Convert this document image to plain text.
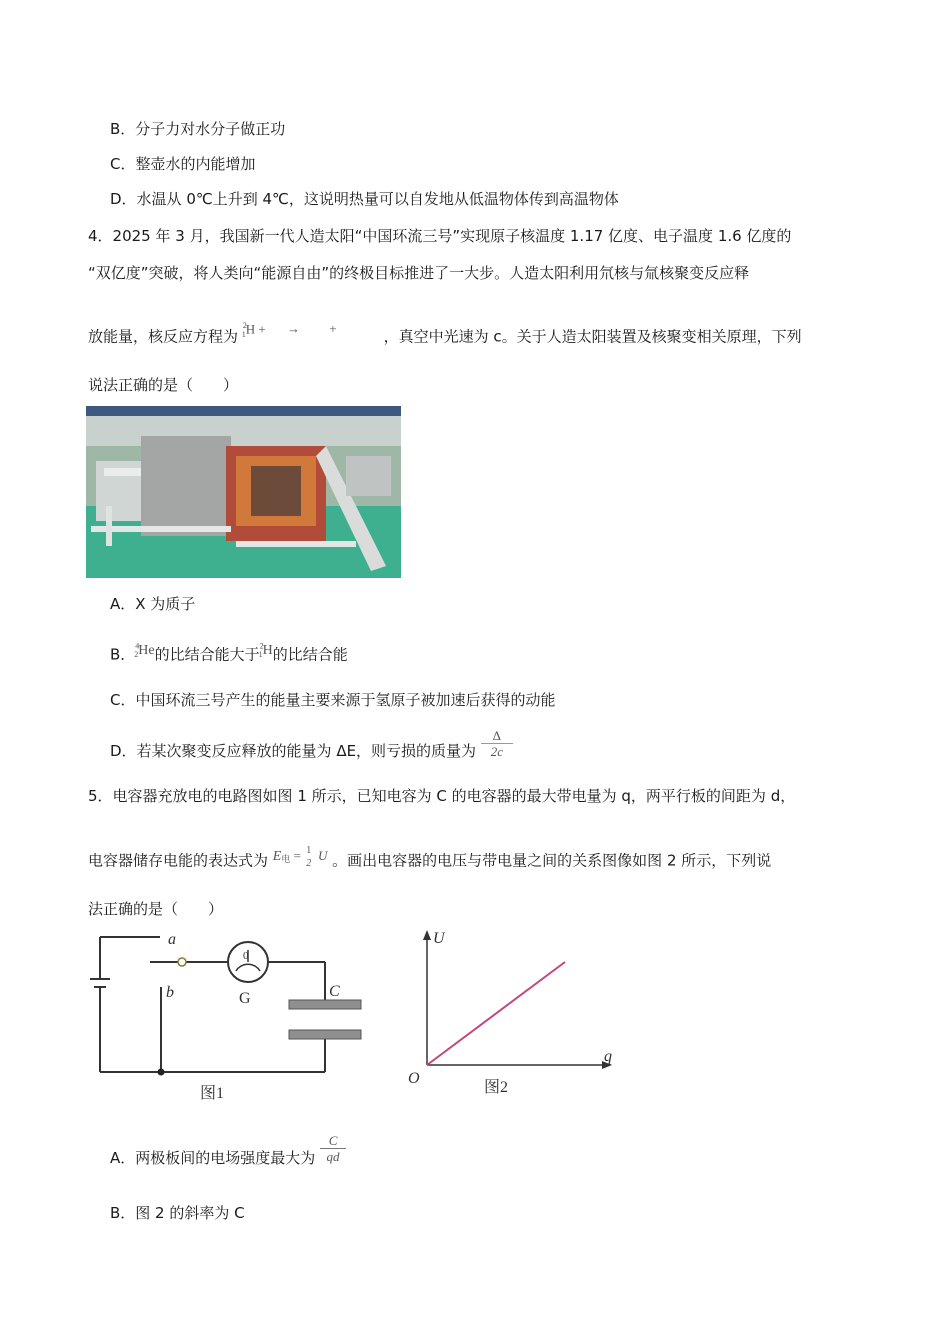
B．分子力对水分子做正功
C．整壶水的内能增加
D．水温从 0℃上升到 4℃，这说明热量可以自发地从低温物体传到高温物体
4．2025 年 3 月，我国新一代人造太阳“中国环流三号”实现原子核温度 1.17 亿度、电子温度 1.6 亿度的
“双亿度”突破，将人类向“能源自由”的终极目标推进了一大步。人造太阳利用氘核与氚核聚变反应释
放能量，核反应方程为 $^2_1$H + → +	，真空中光速为 c。关于人造太阳装置及核聚变相关原理，下列
说法正确的是（　　）
A．X 为质子
B．$^4_2$He的比结合能大于$^2_1$H的比结合能
C．中国环流三号产生的能量主要来源于氢原子被加速后获得的动能
D．若某次聚变反应释放的能量为 ΔE，则亏损的质量为 $\frac{\Delta}{2c}$
5．电容器充放电的电路图如图 1 所示，已知电容为 C 的电容器的最大带电量为 q，两平行板的间距为 d，
电容器储存电能的表达式为 $E^电 = 1$
2
U 。画出电容器的电压与带电量之间的关系图像如图 2 所示，下列说
法正确的是（　　）
0
a
b	G	C
图1
U
q
O
图2
A．两极板间的电场强度最大为 $\frac{C}{qd}$
B．图 2 的斜率为 C
